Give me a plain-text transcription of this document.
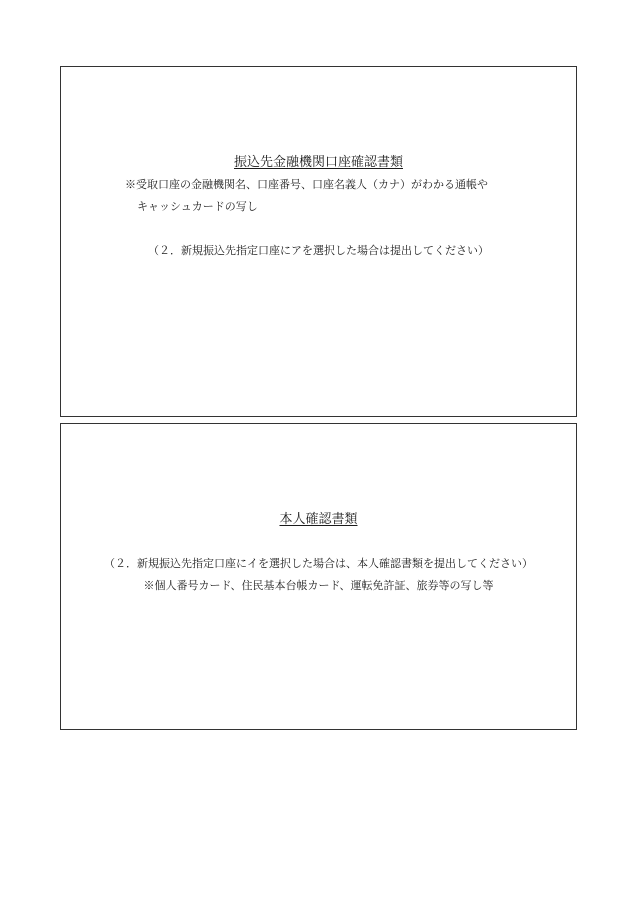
振込先金融機関口座確認書類
※受取口座の金融機関名、口座番号、口座名義人（カナ）がわかる通帳や
キャッシュカードの写し
（２．新規振込先指定口座にアを選択した場合は提出してください）
本人確認書類
（２．新規振込先指定口座にイを選択した場合は、本人確認書類を提出してください）
※個人番号カード、住民基本台帳カード、運転免許証、旅券等の写し等
